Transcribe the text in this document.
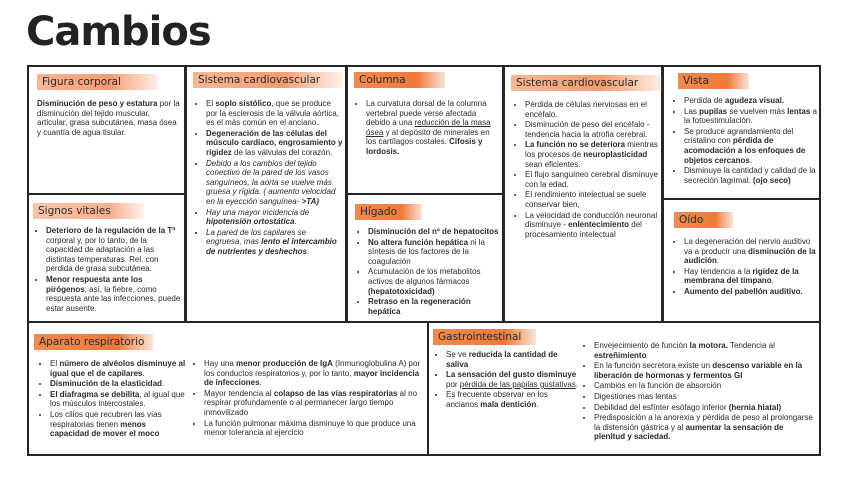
Cambios
Figura corporal
Disminución de peso y estatura por la disminución del tejido muscular, articular, grasa subcutánea, masa ósea y cuantía de agua tisular.
Signos vitales
• Deterioro de la regulación de la Tª corporal y, por lo tanto, de la capacidad de adaptación a las distintas temperaturas. Rel. con perdida de grasa subcutánea.
• Menor respuesta ante los pirógenos; así, la fiebre, como respuesta ante las infecciones, puede estar ausente.
Sistema cardiovascular
• El soplo sistólico, que se produce por la esclerosis de la válvula aórtica, es el más común en el anciano.
• Degeneración de las células del músculo cardíaco, engrosamiento y rigidez de las válvulas del corazón.
• Debido a los cambios del tejido conectivo de la pared de los vasos sanguíneos, la aorta se vuelve más gruesa y rígida. ( aumento velocidad en la eyección sanguínea- >TA)
• Hay una mayor incidencia de hipotensión ortostática.
• La pared de los capilares se engruesa, mas lento el intercambio de nutrientes y deshechos.
Columna
• La curvatura dorsal de la columna vertebral puede verse afectada debido a una reducción de la masa ósea y al depósito de minerales en los cartílagos costales. Cifosis y lordosis.
Hígado
• Disminución del nº de hepatocitos
• No altera función hepática ni la síntesis de los factores de la coagulación
• Acumulación de los metabolitos activos de algunos fármacos (hepatotoxicidad)
• Retraso en la regeneración hepática
Sistema cardiovascular
• Pérdida de células nerviosas en el encéfalo.
• Disminución de peso del encéfalo - tendencia hacia la atrofia cerebral.
• La función no se deteriora mientras los procesos de neuroplasticidad sean eficientes.
• El flujo sanguíneo cerebral disminuye con la edad.
• El rendimiento intelectual se suele conservar bien,
• La velocidad de conducción neuronal disminuye - enlentecimiento del procesamiento intelectual
Vista
• Perdida de agudeza visual.
• Las pupilas se vuelven más lentas a la fotoestimulación.
• Se produce agrandamiento del cristalino con pérdida de acomodación a los enfoques de objetos cercanos.
• Disminuye la cantidad y calidad de la secreción lagrimal. (ojo seco)
Oído
• La degeneración del nervio auditivo va a producir una disminución de la audición.
• Hay tendencia a la rigidez de la membrana del tímpano.
• Aumento del pabellón auditivo.
Aparato respiratorio
• El número de alvéolos disminuye al igual que el de capilares.
• Disminución de la elasticidad.
• El diafragma se debilita, al igual que los músculos intercostales.
• Los cilios que recubren las vías respiratorias tienen menos capacidad de mover el moco
• Hay una menor producción de IgA (Inmunoglobulina A) por los conductos respiratorios y, por lo tanto, mayor incidencia de infecciones.
• Mayor tendencia al colapso de las vías respiratorias al no respirar profundamente o al permanecer largo tiempo inmovilizado
• La función pulmonar máxima disminuye lo que produce una menor tolerancia al ejercicio
Gastrointestinal
• Se ve reducida la cantidad de saliva
• La sensación del gusto disminuye por pérdida de las papilas gustativas.
• Es frecuente observar en los ancianos mala dentición.
• Envejecimiento de función la motora. Tendencia al estreñimiento
• En la función secretora existe un descenso variable en la liberación de hormonas y fermentos GI
• Cambios en la función de absorción
• Digestiones mas lentas
• Debilidad del esfínter esófago inferior (hernia hiatal)
• Predisposición a la anorexia y pérdida de peso al prolongarse la distensión gástrica y al aumentar la sensación de plenitud y saciedad.
